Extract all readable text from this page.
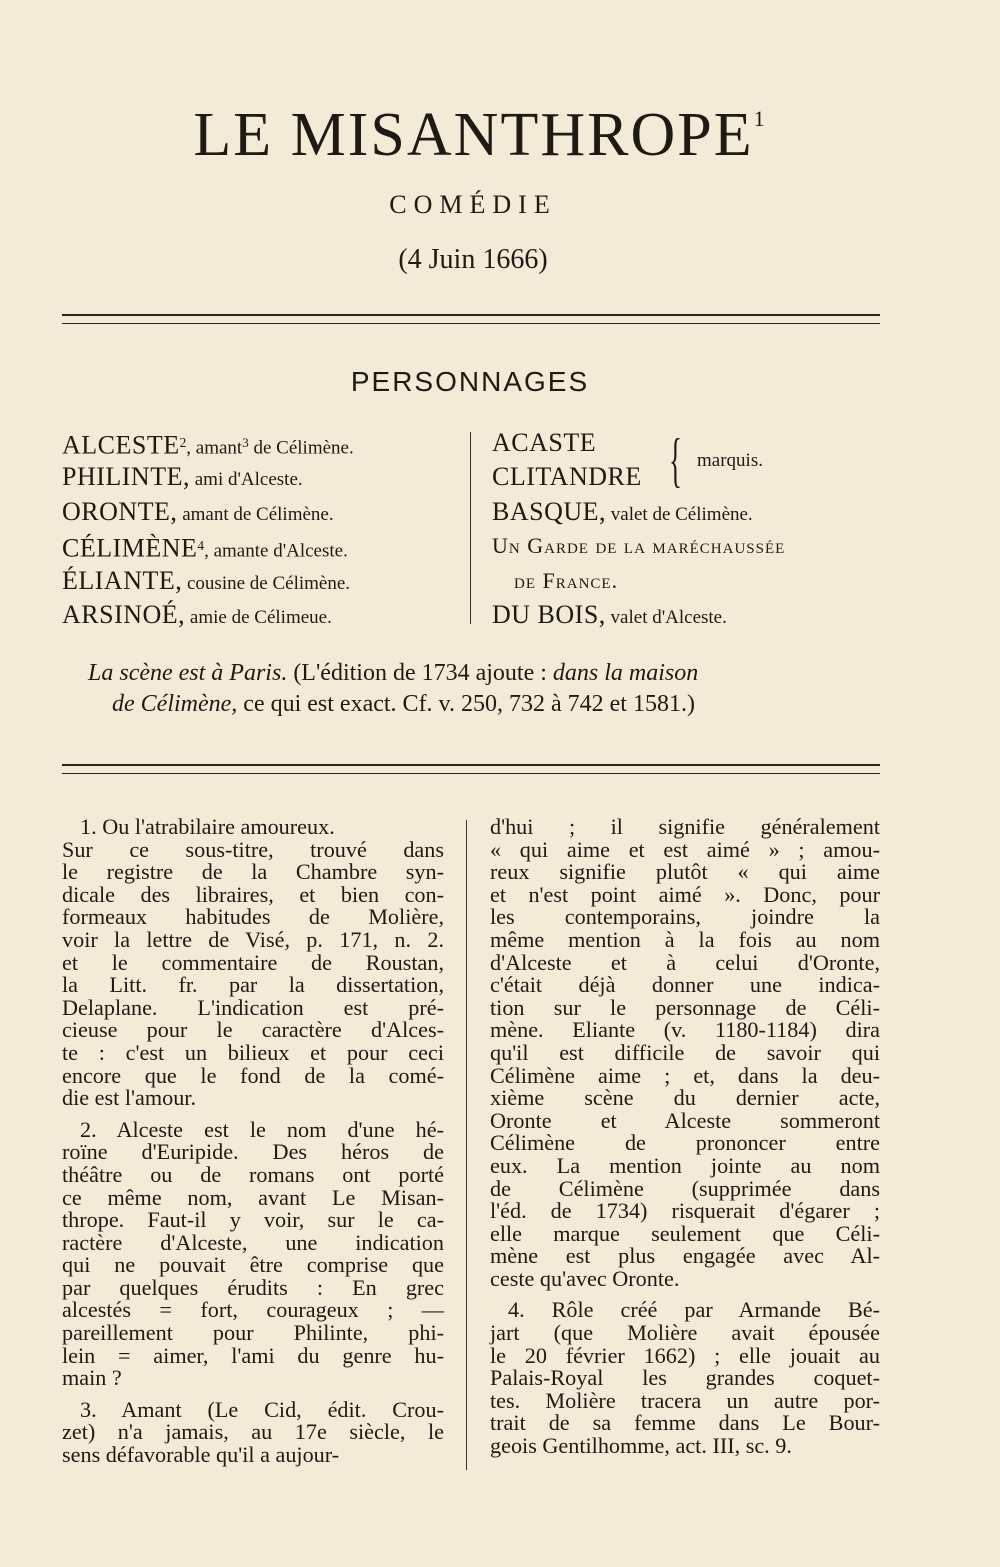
LE MISANTHROPE$^1$
COMÉDIE
(4 Juin 1666)
PERSONNAGES
ALCESTE$^2$, amant$^3$ de Célimène.
PHILINTE, ami d'Alceste.
ORONTE, amant de Célimène.
CÉLIMÈNE$^4$, amante d'Alceste.
ÉLIANTE, cousine de Célimène.
ARSINOÉ, amie de Célimeue.
ACASTE
CLITANDRE { marquis.
BASQUE, valet de Célimène.
Un Garde de la maréchaussée
de France.
DU BOIS, valet d'Alceste.

La scène est à Paris. (L'édition de 1734 ajoute : dans la maison

de Célimène, ce qui est exact. Cf. v. 250, 732 à 742 et 1581.)

1. Ou l'atrabilaire amoureux.
Sur ce sous-titre, trouvé dans
le registre de la Chambre syn-
dicale des libraires, et bien con-
formeaux habitudes de Molière,
voir la lettre de Visé, p. 171, n. 2.
et le commentaire de Roustan,
la Litt. fr. par la dissertation,
Delaplane. L'indication est pré-
cieuse pour le caractère d'Alces-
te : c'est un bilieux et pour ceci
encore que le fond de la comé-
die est l'amour.
2. Alceste est le nom d'une hé-
roïne d'Euripide. Des héros de
théâtre ou de romans ont porté
ce même nom, avant Le Misan-
thrope. Faut-il y voir, sur le ca-
ractère d'Alceste, une indication
qui ne pouvait être comprise que
par quelques érudits : En grec
alcestés = fort, courageux ; —
pareillement pour Philinte, phi-
lein = aimer, l'ami du genre hu-
main ?
3. Amant (Le Cid, édit. Crou-
zet) n'a jamais, au 17e siècle, le
sens défavorable qu'il a aujour-
d'hui ; il signifie généralement
« qui aime et est aimé » ; amou-
reux signifie plutôt « qui aime
et n'est point aimé ». Donc, pour
les contemporains, joindre la
même mention à la fois au nom
d'Alceste et à celui d'Oronte,
c'était déjà donner une indica-
tion sur le personnage de Céli-
mène. Eliante (v. 1180-1184) dira
qu'il est difficile de savoir qui
Célimène aime ; et, dans la deu-
xième scène du dernier acte,
Oronte et Alceste sommeront
Célimène de prononcer entre
eux. La mention jointe au nom
de Célimène (supprimée dans
l'éd. de 1734) risquerait d'égarer ;
elle marque seulement que Céli-
mène est plus engagée avec Al-
ceste qu'avec Oronte.
4. Rôle créé par Armande Bé-
jart (que Molière avait épousée
le 20 février 1662) ; elle jouait au
Palais-Royal les grandes coquet-
tes. Molière tracera un autre por-
trait de sa femme dans Le Bour-
geois Gentilhomme, act. III, sc. 9.
